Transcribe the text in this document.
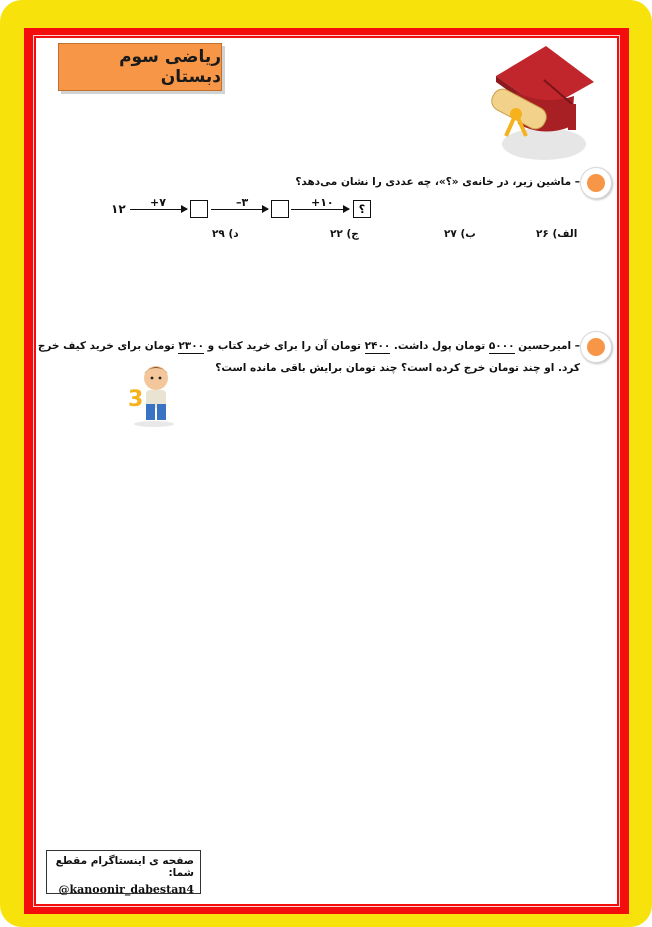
ریاضی سوم دبستان
– ماشین زیر، در خانه‌ی «؟»، چه عددی را نشان می‌دهد؟
۱۲ +۷	–۳	+۱۰	؟
الف) ۲۶
ب) ۲۷
ج) ۲۲
د) ۲۹
– امیرحسین ۵۰۰۰ تومان پول داشت. ۲۴۰۰ تومان آن را برای خرید کتاب و ۲۳۰۰ تومان برای خرید کیف خرج
کرد. او چند تومان خرج کرده است؟ چند تومان برایش باقی مانده است؟
3
صفحه ی اینستاگرام مقطع شما:
@kanoonir_dabestan4
